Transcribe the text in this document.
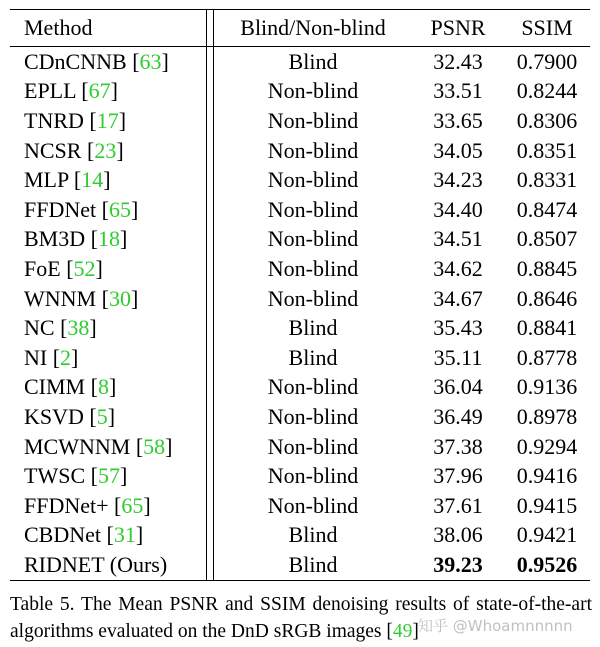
Method		Blind/Non-blind	PSNR	SSIM
CDnCNNB [63]		Blind	32.43	0.7900
EPLL [67]		Non-blind	33.51	0.8244
TNRD [17]		Non-blind	33.65	0.8306
NCSR [23]		Non-blind	34.05	0.8351
MLP [14]		Non-blind	34.23	0.8331
FFDNet [65]		Non-blind	34.40	0.8474
BM3D [18]		Non-blind	34.51	0.8507
FoE [52]		Non-blind	34.62	0.8845
WNNM [30]		Non-blind	34.67	0.8646
NC [38]		Blind	35.43	0.8841
NI [2]		Blind	35.11	0.8778
CIMM [8]		Non-blind	36.04	0.9136
KSVD [5]		Non-blind	36.49	0.8978
MCWNNM [58]		Non-blind	37.38	0.9294
TWSC [57]		Non-blind	37.96	0.9416
FFDNet+ [65]		Non-blind	37.61	0.9415
CBDNet [31]		Blind	38.06	0.9421
RIDNET (Ours)		Blind	39.23	0.9526

Table 5. The Mean PSNR and SSIM denoising results of state-of-the-art algorithms evaluated on the DnD sRGB images [49] 知乎 @Whoamnnnnn
